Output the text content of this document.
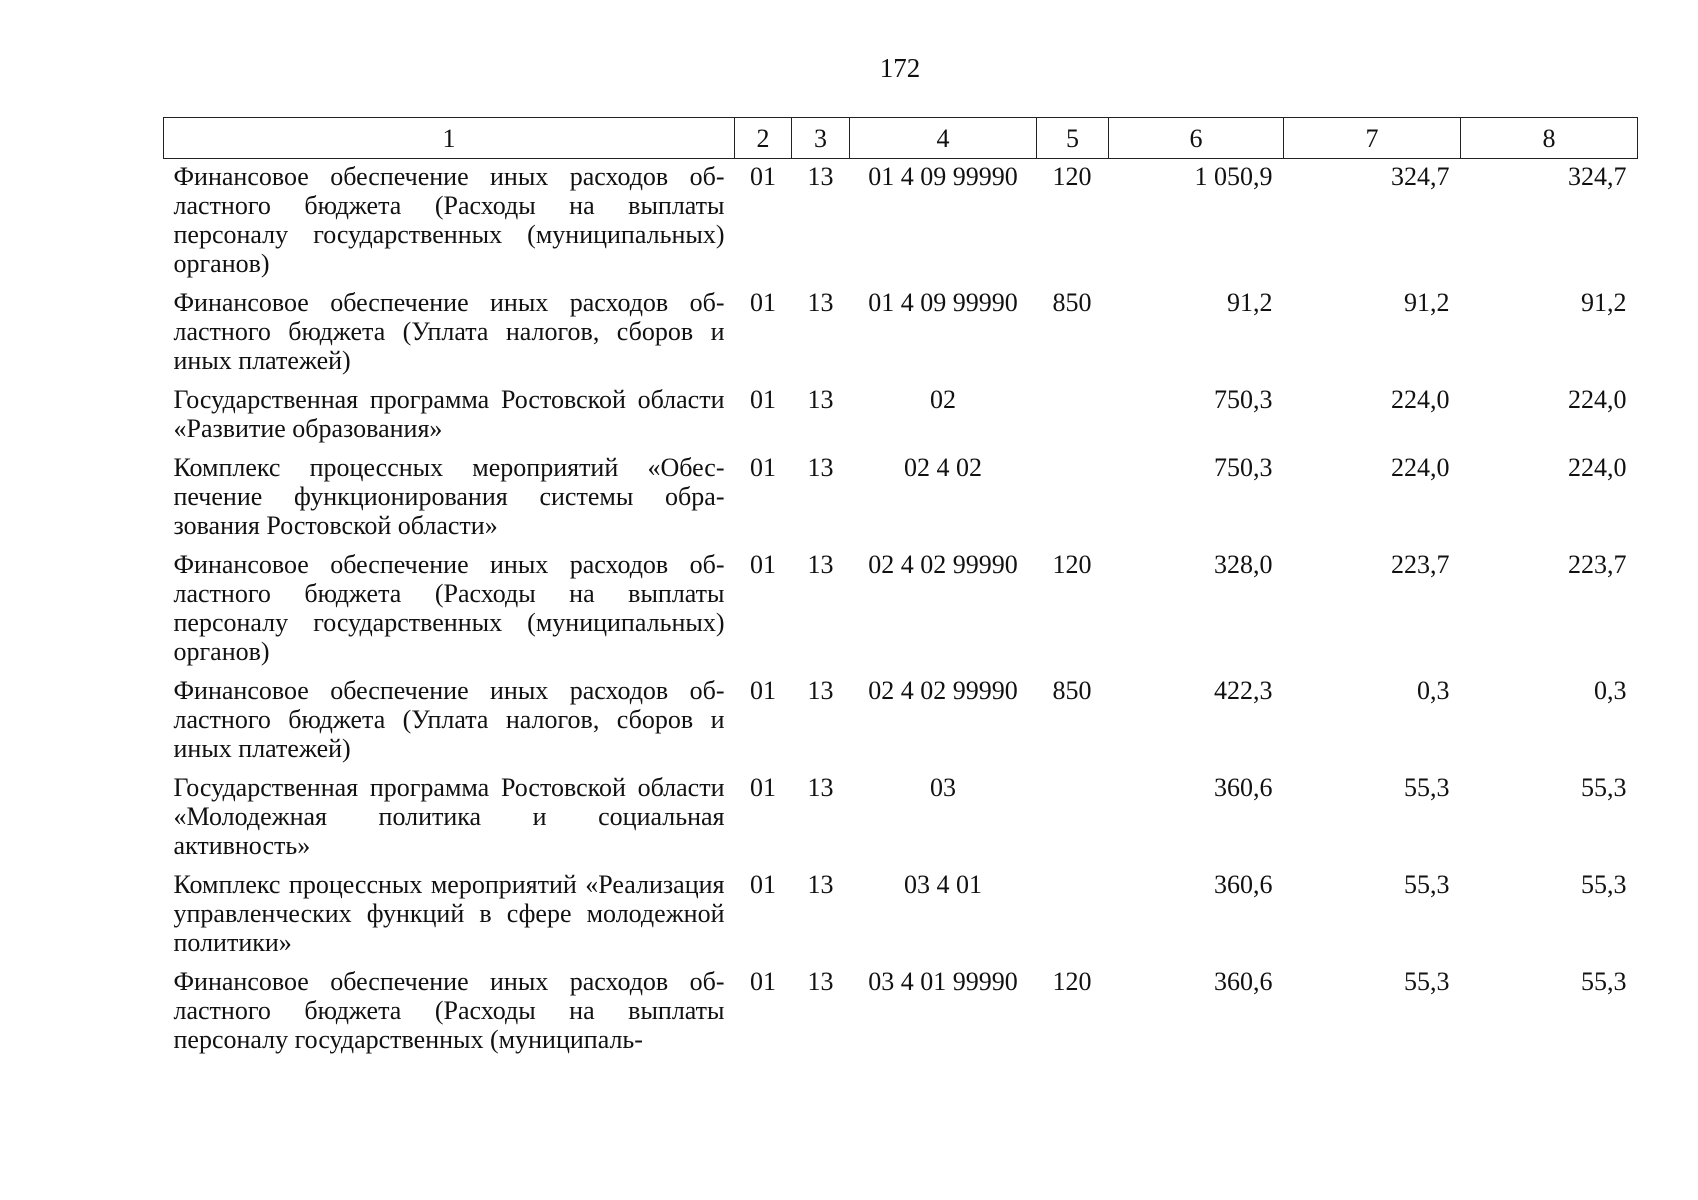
172
1	2	3	4	5	6	7	8
Финансовое обеспечение иных расходов областного бюджета (Расходы на выплаты персоналу государственных (муниципальных) органов)	01	13	01 4 09 99990	120	1 050,9	324,7	324,7
Финансовое обеспечение иных расходов областного бюджета (Уплата налогов, сборов и иных платежей)	01	13	01 4 09 99990	850	91,2	91,2	91,2
Государственная программа Ростовской области «Развитие образования»	01	13	02		750,3	224,0	224,0
Комплекс процессных мероприятий «Обеспечение функционирования системы образования Ростовской области»	01	13	02 4 02		750,3	224,0	224,0
Финансовое обеспечение иных расходов областного бюджета (Расходы на выплаты персоналу государственных (муниципальных) органов)	01	13	02 4 02 99990	120	328,0	223,7	223,7
Финансовое обеспечение иных расходов областного бюджета (Уплата налогов, сборов и иных платежей)	01	13	02 4 02 99990	850	422,3	0,3	0,3
Государственная программа Ростовской области «Молодежная политика и социальная активность»	01	13	03		360,6	55,3	55,3
Комплекс процессных мероприятий «Реализация управленческих функций в сфере молодежной политики»	01	13	03 4 01		360,6	55,3	55,3
Финансовое обеспечение иных расходов областного бюджета (Расходы на выплаты персоналу государственных (муниципаль-	01	13	03 4 01 99990	120	360,6	55,3	55,3
